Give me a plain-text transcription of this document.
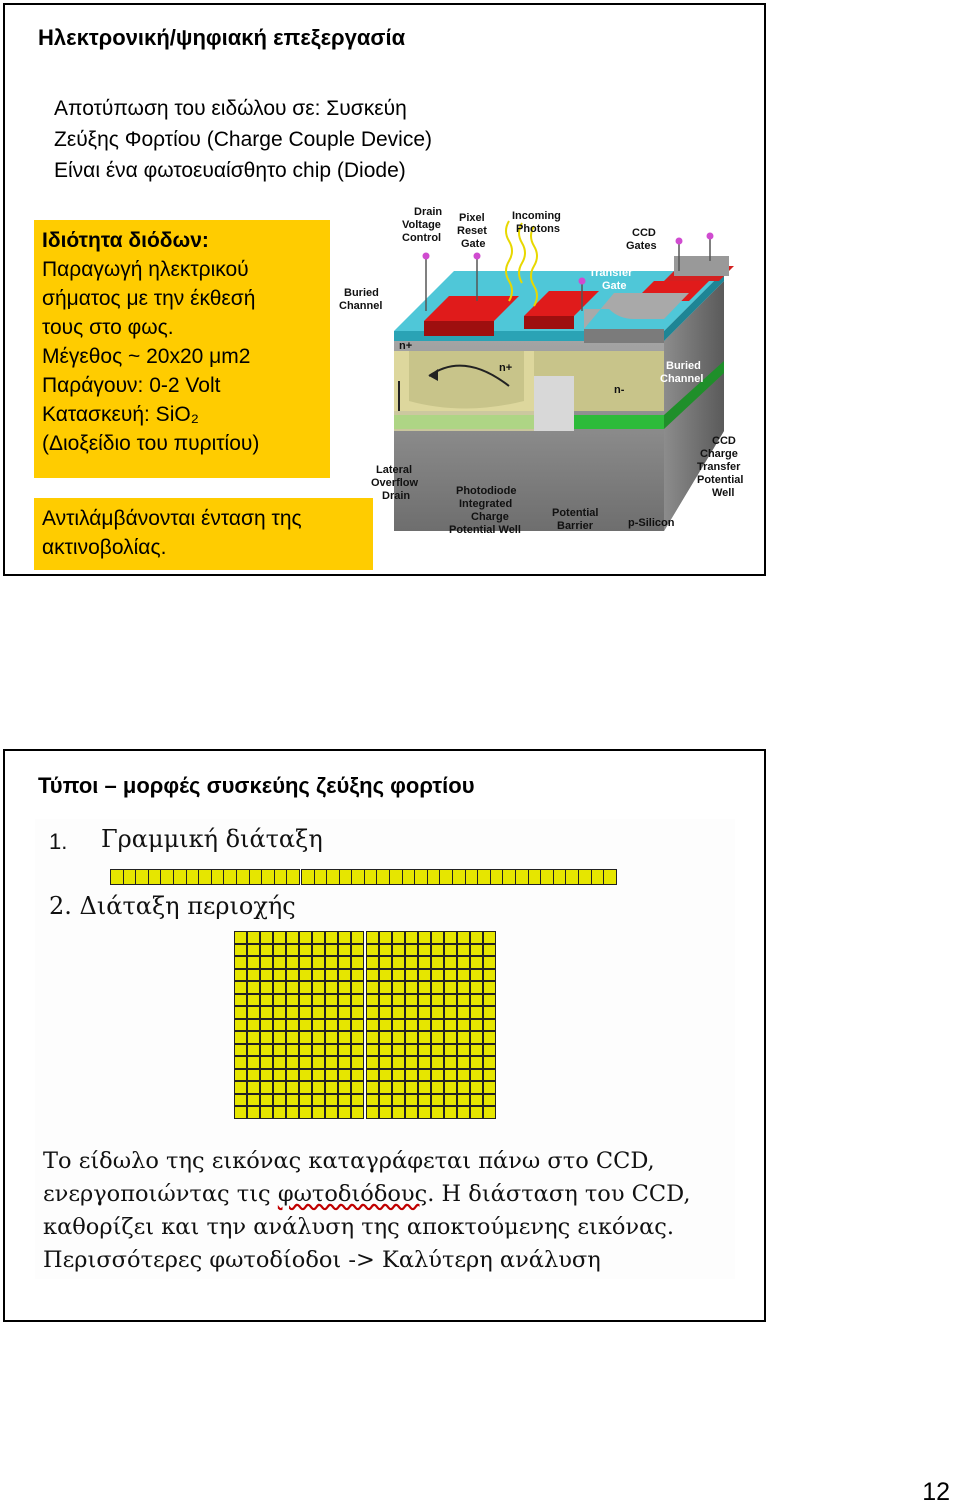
Ηλεκτρονική/ψηφιακή επεξεργασία
Αποτύπωση του ειδώλου σε: Συσκεύη
Ζεύξης Φορτίου (Charge Couple Device)
Είναι ένα φωτοευαίσθητο chip (Diode)
Ιδιότητα διόδων:
Παραγωγή ηλεκτρικού
σήματος με την έκθεσή
τους στο φως.
Μέγεθος ~ 20x20 μm2
Παράγουν: 0-2 Volt
Κατασκευή: SiO₂
(Διοξείδιο του πυριτίου)
Αντιλάμβάνονται ένταση της
ακτινοβολίας.
Drain
Voltage
Control
Pixel
Reset
Gate
Incoming
Photons	CCD
Gates
Transfer
Gate
Buried
Channel
Buried
Channel
n+
n+
n-
CCD
Charge
Transfer
Potential
Well
Lateral
Overflow
Drain	Photodiode
Integrated
Charge
Potential Well
Potential
Barrier	p-Silicon
Τύποι – μορφές συσκεύης ζεύξης φορτίου
1. Γραμμική διάταξη
2. Διάταξη περιοχής
Το είδωλο της εικόνας καταγράφεται πάνω στο CCD,
ενεργοποιώντας τις φωτοδιόδους. Η διάσταση του CCD,
καθορίζει και την ανάλυση της αποκτούμενης εικόνας.
Περισσότερες φωτοδίοδοι -> Καλύτερη ανάλυση
12
